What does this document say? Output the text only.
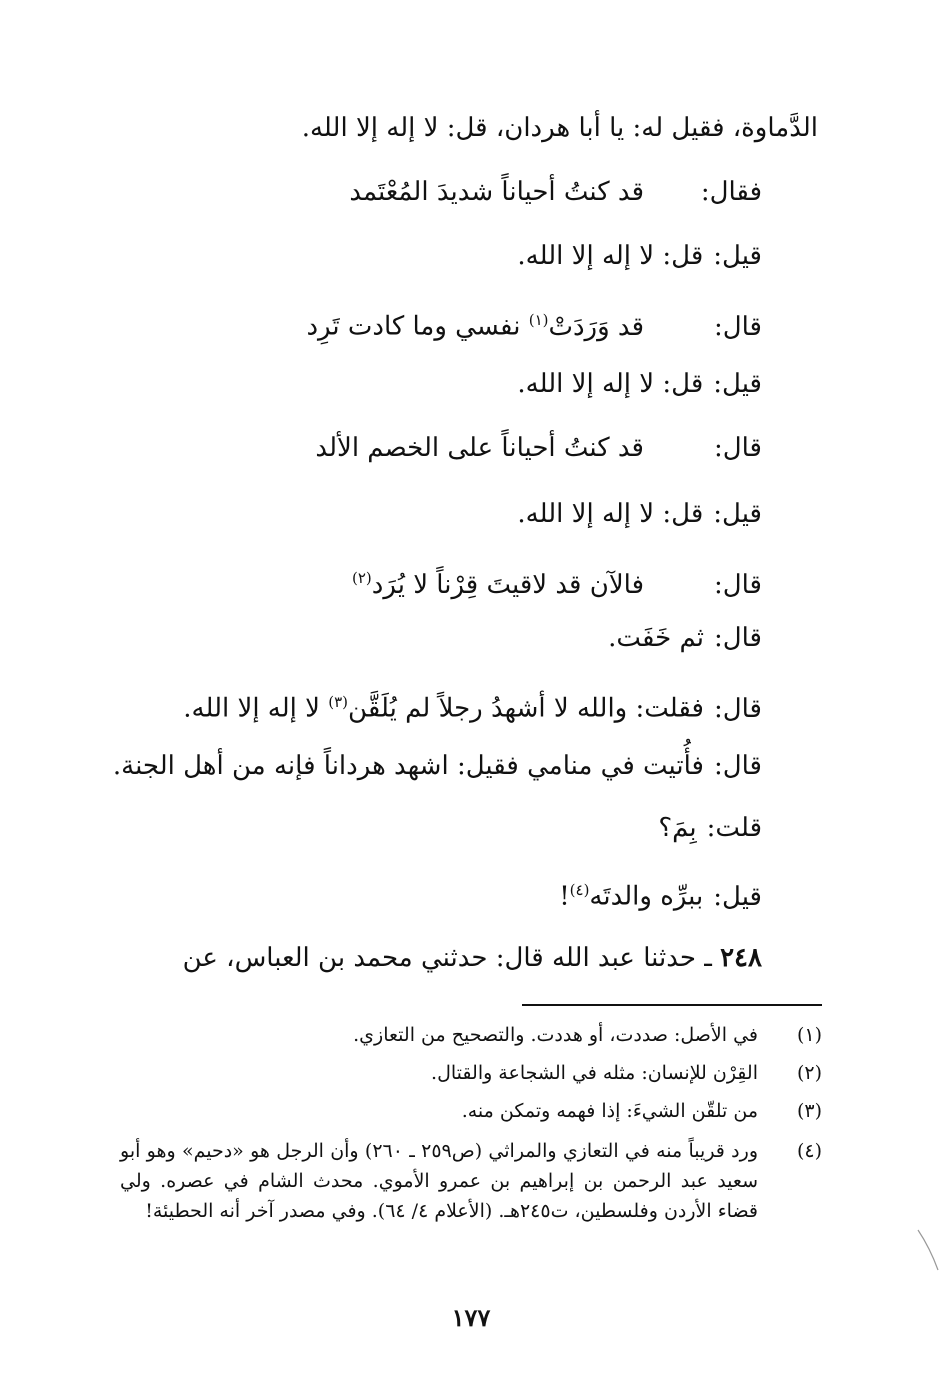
الدَّماوة، فقيل له: يا أبا هردان، قل: لا إله إلا الله.
فقال:قد كنتُ أحياناً شديدَ المُعْتَمد
قيل:قل: لا إله إلا الله.
قال:قد وَرَدَتْ$^{(١)}$ نفسي وما كادت تَرِد
قيل:قل: لا إله إلا الله.
قال:قد كنتُ أحياناً على الخصم الألد
قيل:قل: لا إله إلا الله.
قال:فالآن قد لاقيتَ قِرْناً لا يُرَد$^{(٢)}$
قال:ثم خَفَت.
قال:فقلت: والله لا أشهدُ رجلاً لم يُلَقَّن$^{(٣)}$ لا إله إلا الله.
قال:فأُتيت في منامي فقيل: اشهد هرداناً فإنه من أهل الجنة.
قلت:بِمَ؟
قيل:ببرِّه والدتَه$^{(٤)}$!
٢٤٨ ـ حدثنا عبد الله قال: حدثني محمد بن العباس، عن
(١)
في الأصل: صددت، أو هددت. والتصحيح من التعازي.
(٢)
القِرْن للإنسان: مثله في الشجاعة والقتال.
(٣)
من تلقّن الشيءَ: إذا فهمه وتمكن منه.
(٤)
ورد قريباً منه في التعازي والمراثي (ص٢٥٩ ـ ٢٦٠) وأن الرجل هو «دحيم» وهو أبو سعيد عبد الرحمن بن إبراهيم بن عمرو الأموي. محدث الشام في عصره. ولي قضاء الأردن وفلسطين، ت٢٤٥هـ. (الأعلام ٤/ ٦٤). وفي مصدر آخر أنه الحطيئة!
١٧٧
